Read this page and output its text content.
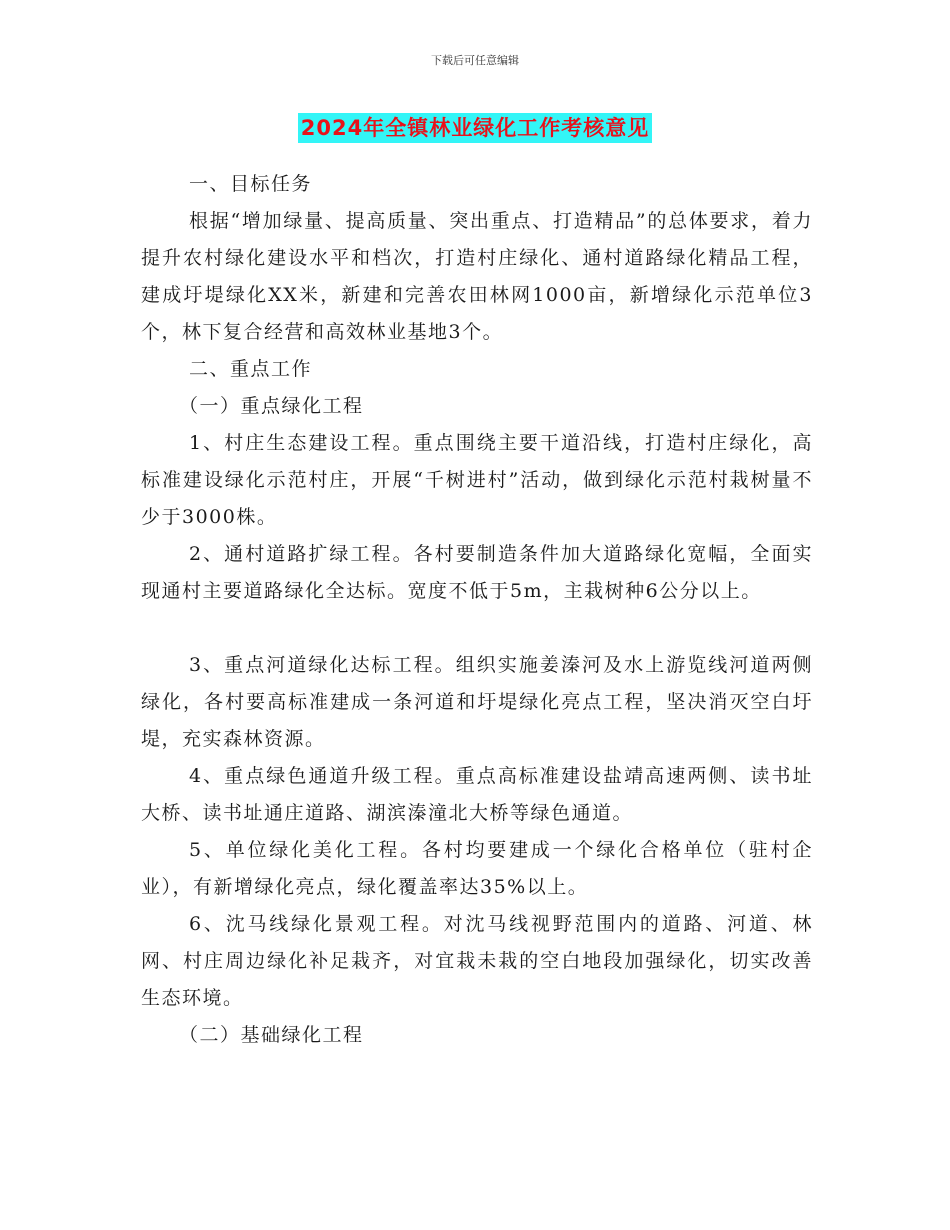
下载后可任意编辑
2024年全镇林业绿化工作考核意见

一、目标任务

根据“增加绿量、提高质量、突出重点、打造精品”的总体要求，着力提升农村绿化建设水平和档次，打造村庄绿化、通村道路绿化精品工程，建成圩堤绿化XX米，新建和完善农田林网1000亩，新增绿化示范单位3个，林下复合经营和高效林业基地3个。

二、重点工作

（一）重点绿化工程

1、村庄生态建设工程。重点围绕主要干道沿线，打造村庄绿化，高标准建设绿化示范村庄，开展“千树进村”活动，做到绿化示范村栽树量不少于3000株。

2、通村道路扩绿工程。各村要制造条件加大道路绿化宽幅，全面实现通村主要道路绿化全达标。宽度不低于5m，主栽树种6公分以上。

3、重点河道绿化达标工程。组织实施姜溱河及水上游览线河道两侧绿化，各村要高标准建成一条河道和圩堤绿化亮点工程，坚决消灭空白圩堤，充实森林资源。

4、重点绿色通道升级工程。重点高标准建设盐靖高速两侧、读书址大桥、读书址通庄道路、湖滨溱潼北大桥等绿色通道。

5、单位绿化美化工程。各村均要建成一个绿化合格单位（驻村企业），有新增绿化亮点，绿化覆盖率达35%以上。

6、沈马线绿化景观工程。对沈马线视野范围内的道路、河道、林网、村庄周边绿化补足栽齐，对宜栽未栽的空白地段加强绿化，切实改善生态环境。

（二）基础绿化工程
